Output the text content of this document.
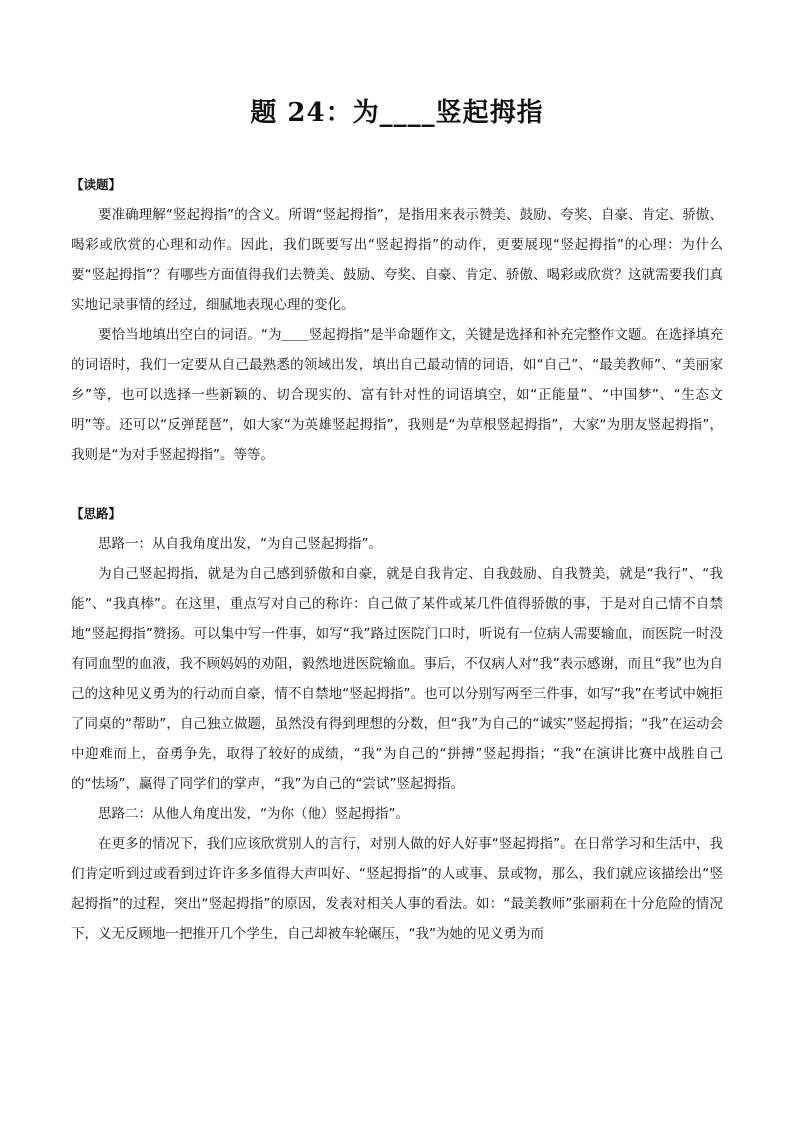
题 24：为____竖起拇指

【读题】

要准确理解“竖起拇指”的含义。所谓“竖起拇指”，是指用来表示赞美、鼓励、夸奖、自豪、肯定、骄傲、喝彩或欣赏的心理和动作。因此，我们既要写出“竖起拇指”的动作，更要展现“竖起拇指”的心理：为什么要“竖起拇指”？有哪些方面值得我们去赞美、鼓励、夸奖、自豪、肯定、骄傲、喝彩或欣赏？这就需要我们真实地记录事情的经过，细腻地表现心理的变化。

要恰当地填出空白的词语。“为＿＿竖起拇指”是半命题作文，关键是选择和补充完整作文题。在选择填充的词语时，我们一定要从自己最熟悉的领域出发，填出自己最动情的词语，如“自己”、“最美教师”、“美丽家乡”等，也可以选择一些新颖的、切合现实的、富有针对性的词语填空，如“正能量”、“中国梦”、“生态文明”等。还可以“反弹琵琶”，如大家“为英雄竖起拇指”，我则是“为草根竖起拇指”，大家“为朋友竖起拇指”，我则是“为对手竖起拇指”。等等。

【思路】

思路一：从自我角度出发，“为自己竖起拇指”。

为自己竖起拇指，就是为自己感到骄傲和自豪，就是自我肯定、自我鼓励、自我赞美，就是“我行”、“我能”、“我真棒”。在这里，重点写对自己的称许：自己做了某件或某几件值得骄傲的事，于是对自己情不自禁地“竖起拇指”赞扬。可以集中写一件事，如写“我”路过医院门口时，听说有一位病人需要输血，而医院一时没有同血型的血液，我不顾妈妈的劝阻，毅然地进医院输血。事后，不仅病人对“我”表示感谢，而且“我”也为自己的这种见义勇为的行动而自豪，情不自禁地“竖起拇指”。也可以分别写两至三件事，如写“我”在考试中婉拒了同桌的“帮助”，自己独立做题，虽然没有得到理想的分数，但“我”为自己的“诚实”竖起拇指；“我”在运动会中迎难而上，奋勇争先，取得了较好的成绩，“我”为自己的“拼搏”竖起拇指；“我”在演讲比赛中战胜自己的“怯场”，赢得了同学们的掌声，“我”为自己的“尝试”竖起拇指。

思路二：从他人角度出发，“为你（他）竖起拇指”。

在更多的情况下，我们应该欣赏别人的言行，对别人做的好人好事“竖起拇指”。在日常学习和生活中，我们肯定听到过或看到过许许多多值得大声叫好、“竖起拇指”的人或事、景或物，那么，我们就应该描绘出“竖起拇指”的过程，突出“竖起拇指”的原因，发表对相关人事的看法。如：“最美教师”张丽莉在十分危险的情况下，义无反顾地一把推开几个学生，自己却被车轮碾压，“我”为她的见义勇为而
